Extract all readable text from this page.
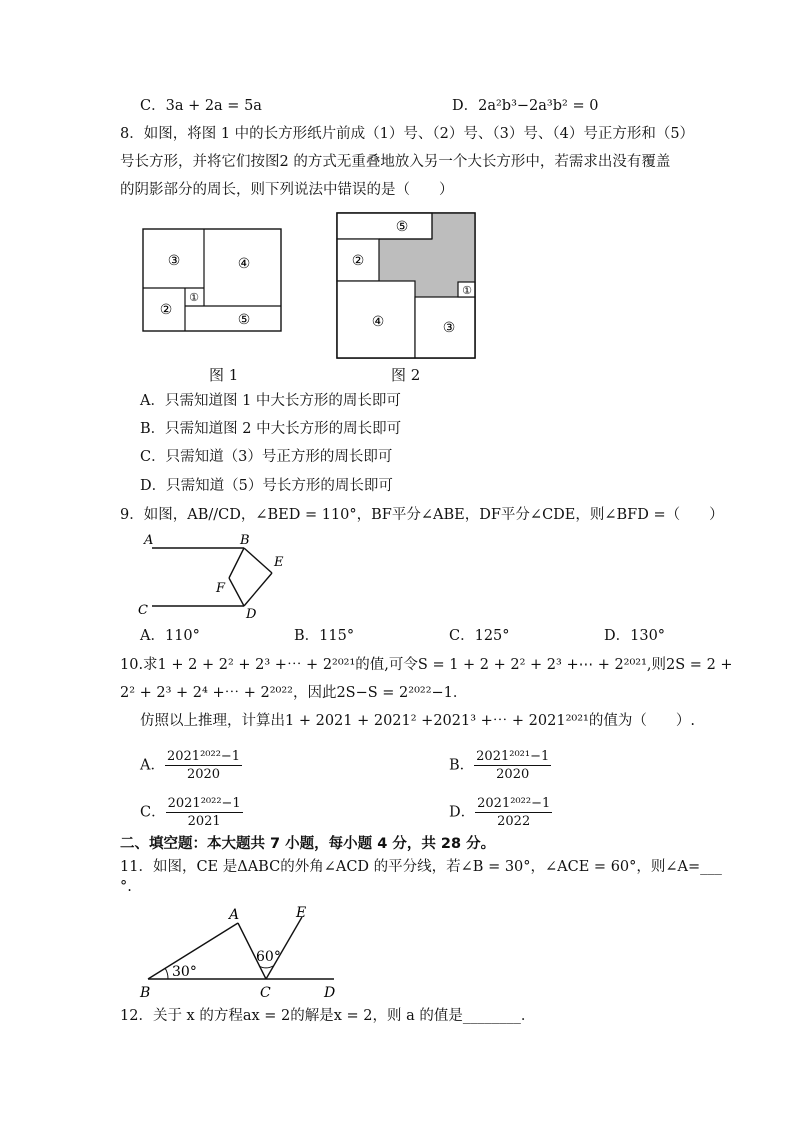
C．3a + 2a = 5a	D．2a²b³−2a³b² = 0
8．如图，将图 1 中的长方形纸片前成（1）号、（2）号、（3）号、（4）号正方形和（5）
号长方形，并将它们按图2 的方式无重叠地放入另一个大长方形中，若需求出没有覆盖
的阴影部分的周长，则下列说法中错误的是（　　）
③	④
②
①
⑤
图 1
⑤
②
①
④	③
图 2
A．只需知道图 1 中大长方形的周长即可
B．只需知道图 2 中大长方形的周长即可
C．只需知道（3）号正方形的周长即可
D．只需知道（5）号长方形的周长即可
9．如图，AB//CD，∠BED = 110°，BF平分∠ABE，DF平分∠CDE，则∠BFD =（　　）
A	B
E
F
C	D
A．110°	B．115°	C．125°	D．130°
10.求1 + 2 + 2² + 2³ +⋯ + 2²⁰²¹的值,可令S = 1 + 2 + 2² + 2³ +⋯ + 2²⁰²¹,则2S = 2 +
2² + 2³ + 2⁴ +⋯ + 2²⁰²²，因此2S−S = 2²⁰²²−1．
仿照以上推理，计算出1 + 2021 + 2021² +2021³ +⋯ + 2021²⁰²¹的值为（　　）.
A． $\frac{\text{2021²⁰²²−1}}{2020}$	B． $\frac{\text{2021²⁰²¹−1}}{2020}$
C． $\frac{\text{2021²⁰²²−1}}{2021}$	D． $\frac{\text{2021²⁰²²−1}}{2022}$
二、填空题：本大题共 7 小题，每小题 4 分，共 28 分。
11．如图，CE 是ΔABC的外角∠ACD 的平分线，若∠B = 30°，∠ACE = 60°，则∠A=___
°.
30°
60°
A	E
B	C	D
12．关于 x 的方程ax = 2的解是x = 2，则 a 的值是________．
